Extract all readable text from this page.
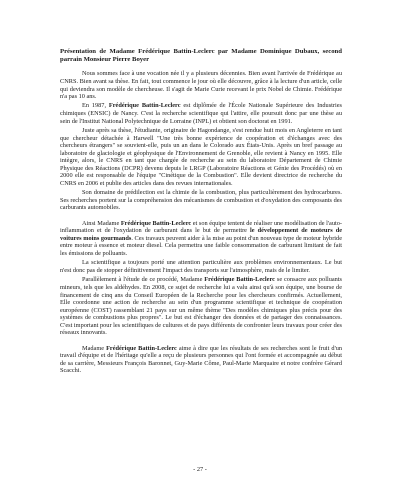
Présentation de Madame Frédérique Battin-Leclerc par Madame Dominique Dubaux, second parrain Monsieur Pierre Boyer

Nous sommes face à une vocation née il y a plusieurs décennies. Bien avant l'arrivée de Frédérique au CNRS. Bien avant sa thèse. En fait, tout commence le jour où elle découvre, grâce à la lecture d'un article, celle qui deviendra son modèle de chercheuse. Il s'agit de Marie Curie recevant le prix Nobel de Chimie. Frédérique n'a pas 10 ans.

En 1987, Frédérique Battin-Leclerc est diplômée de l'École Nationale Supérieure des Industries chimiques (ENSIC) de Nancy. C'est la recherche scientifique qui l'attire, elle poursuit donc par une thèse au sein de l'Institut National Polytechnique de Lorraine (INPL) et obtient son doctorat en 1991.

Juste après sa thèse, l'étudiante, originaire de Hagondange, s'est rendue huit mois en Angleterre en tant que chercheur détachée à Harwell "Une très bonne expérience de coopération et d'échanges avec des chercheurs étrangers" se souvient-elle, puis un an dans le Colorado aux États-Unis. Après un bref passage au laboratoire de glaciologie et géophysique de l'Environnement de Grenoble, elle revient à Nancy en 1995. Elle intègre, alors, le CNRS en tant que chargée de recherche au sein du laboratoire Département de Chimie Physique des Réactions (DCPR) devenu depuis le LRGP (Laboratoire Réactions et Génie des Procédés) où en 2000 elle est responsable de l'équipe "Cinétique de la Combustion". Elle devient directrice de recherche du CNRS en 2006 et publie des articles dans des revues internationales.

Son domaine de prédilection est la chimie de la combustion, plus particulièrement des hydrocarbures. Ses recherches portent sur la compréhension des mécanismes de combustion et d'oxydation des composants des carburants automobiles.

Ainsi Madame Frédérique Battin-Leclerc et son équipe tentent de réaliser une modélisation de l'auto-inflammation et de l'oxydation de carburant dans le but de permettre le développement de moteurs de voitures moins gourmands. Ces travaux peuvent aider à la mise au point d'un nouveau type de moteur hybride entre moteur à essence et moteur diesel. Cela permettra une faible consommation de carburant limitant de fait les émissions de polluants.

La scientifique a toujours porté une attention particulière aux problèmes environnementaux. Le but n'est donc pas de stopper définitivement l'impact des transports sur l'atmosphère, mais de le limiter.

Parallèlement à l'étude de ce procédé, Madame Frédérique Battin-Leclerc se consacre aux polluants mineurs, tels que les aldéhydes. En 2008, ce sujet de recherche lui a valu ainsi qu'à son équipe, une bourse de financement de cinq ans du Conseil Européen de la Recherche pour les chercheurs confirmés. Actuellement, Elle coordonne une action de recherche au sein d'un programme scientifique et technique de coopération européenne (COST) rassemblant 21 pays sur un même thème "Des modèles chimiques plus précis pour des systèmes de combustions plus propres". Le but est d'échanger des données et de partager des connaissances. C'est important pour les scientifiques de cultures et de pays différents de confronter leurs travaux pour créer des réseaux innovants.

Madame Frédérique Battin-Leclerc aime à dire que les résultats de ses recherches sont le fruit d'un travail d'équipe et de l'héritage qu'elle a reçu de plusieurs personnes qui l'ont formée et accompagnée au début de sa carrière, Messieurs François Baronnet, Guy-Marie Côme, Paul-Marie Marquaire et notre confrère Gérard Scacchi.

- 27 -
